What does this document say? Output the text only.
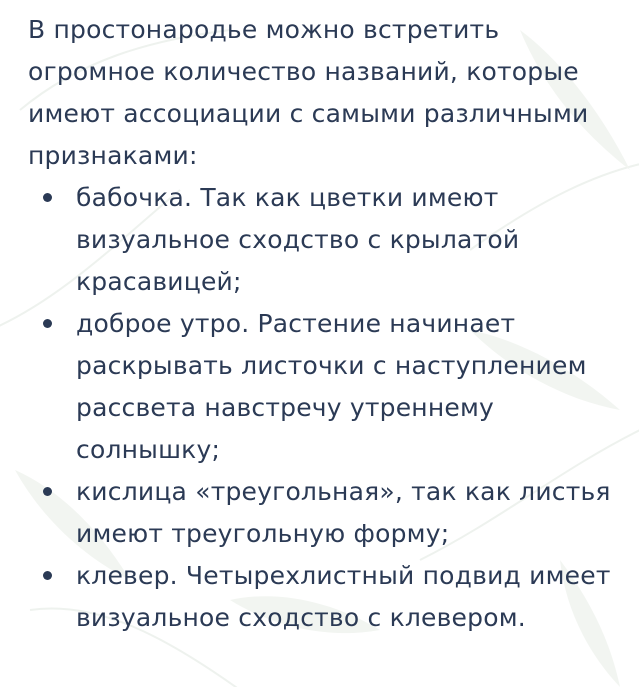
В простонародье можно встретить огромное количество названий, которые имеют ассоциации с самыми различными признаками:

бабочка. Так как цветки имеют визуальное сходство с крылатой красавицей;
доброе утро. Растение начинает раскрывать листочки с наступлением рассвета навстречу утреннему солнышку;
кислица «треугольная», так как листья имеют треугольную форму;
клевер. Четырехлистный подвид имеет визуальное сходство с клевером.
